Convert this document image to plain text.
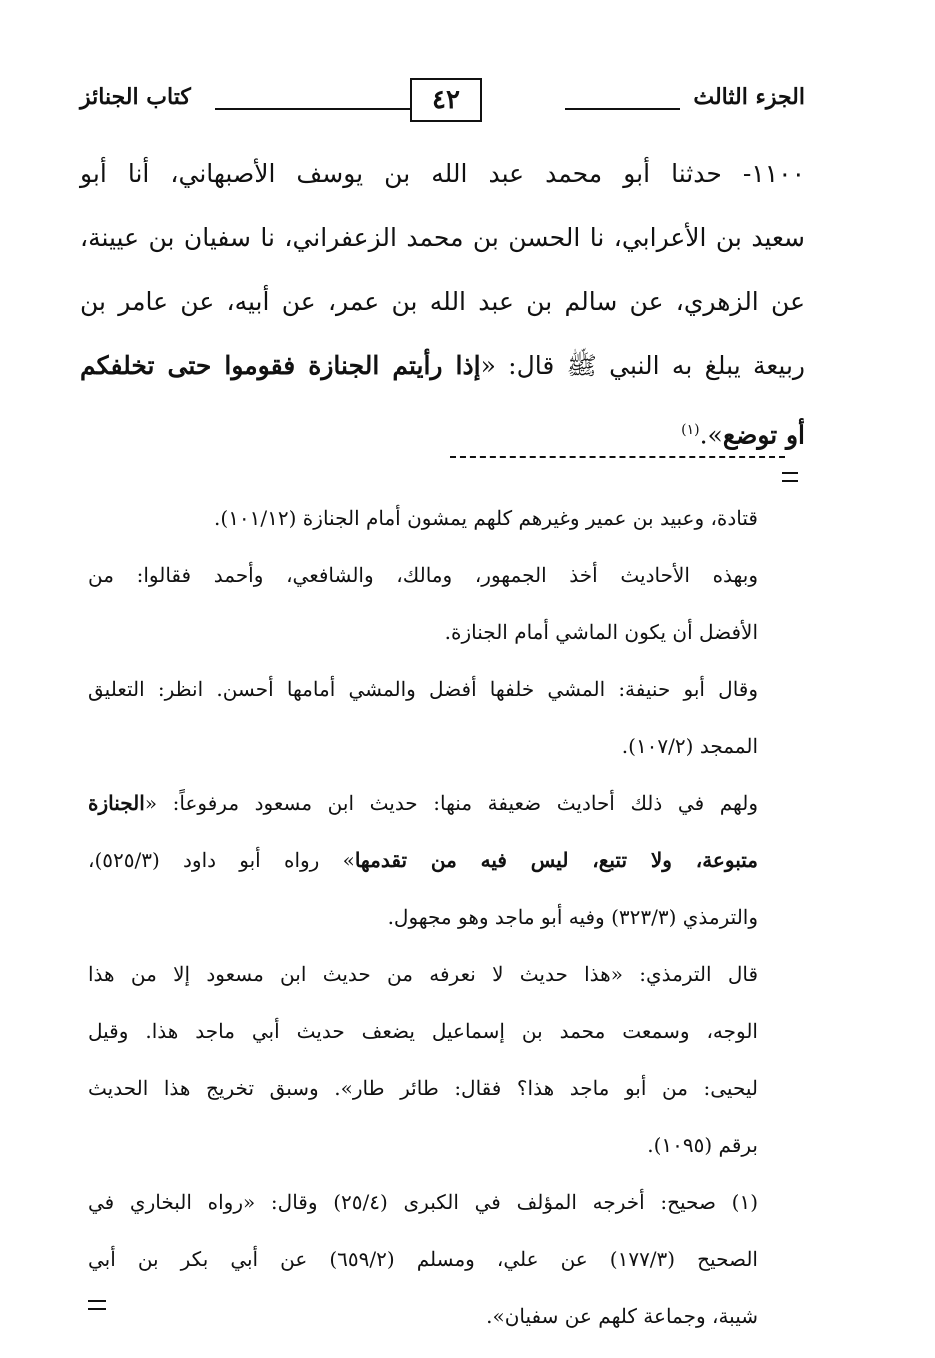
الجزء الثالث
٤٢
كتاب الجنائز

١١٠٠- حدثنا أبو محمد عبد الله بن يوسف الأصبهاني، أنا أبو

سعيد بن الأعرابي، نا الحسن بن محمد الزعفراني، نا سفيان بن عيينة،

عن الزهري، عن سالم بن عبد الله بن عمر، عن أبيه، عن عامر بن

ربيعة يبلغ به النبي ﷺ قال: «إذا رأيتم الجنازة فقوموا حتى تخلفكم

أو توضع».$^{(١)}$

قتادة، وعبيد بن عمير وغيرهم كلهم يمشون أمام الجنازة (١٠١/١٢).

وبهذه الأحاديث أخذ الجمهور، ومالك، والشافعي، وأحمد فقالوا: من

الأفضل أن يكون الماشي أمام الجنازة.

وقال أبو حنيفة: المشي خلفها أفضل والمشي أمامها أحسن. انظر: التعليق

الممجد (١٠٧/٢).

ولهم في ذلك أحاديث ضعيفة منها: حديث ابن مسعود مرفوعاً: «الجنازة

متبوعة، ولا تتبع، ليس فيه من تقدمها» رواه أبو داود (٥٢٥/٣)،

والترمذي (٣٢٣/٣) وفيه أبو ماجد وهو مجهول.

قال الترمذي: «هذا حديث لا نعرفه من حديث ابن مسعود إلا من هذا

الوجه، وسمعت محمد بن إسماعيل يضعف حديث أبي ماجد هذا. وقيل

ليحيى: من أبو ماجد هذا؟ فقال: طائر طار». وسبق تخريج هذا الحديث

برقم (١٠٩٥).

(١) صحيح: أخرجه المؤلف في الكبرى (٢٥/٤) وقال: «رواه البخاري في

الصحيح (١٧٧/٣) عن علي، ومسلم (٦٥٩/٢) عن أبي بكر بن أبي

شيبة، وجماعة كلهم عن سفيان».
